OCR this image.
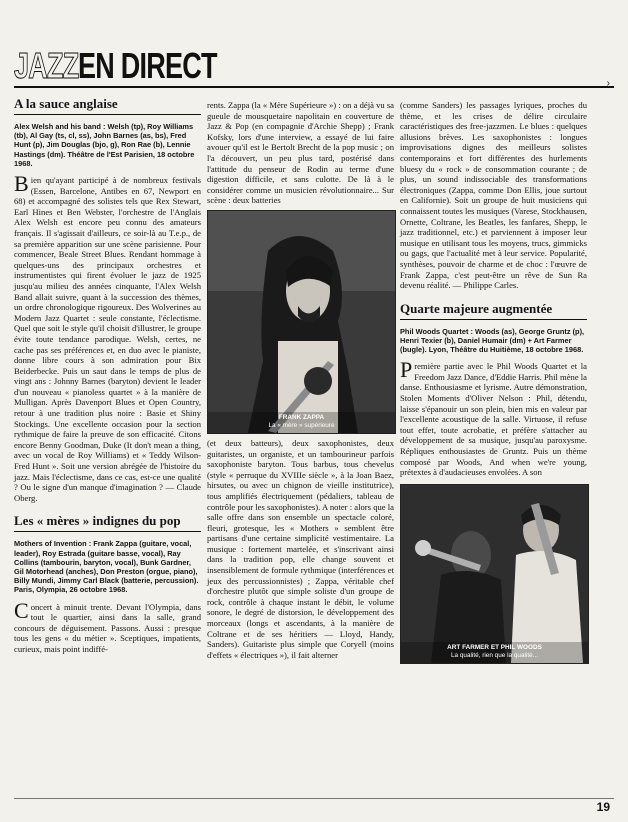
JAZZ EN DIRECT	›
A la sauce anglaise

Alex Welsh and his band : Welsh (tp), Roy Williams (tb), Al Gay (ts, cl, ss), John Barnes (as, bs), Fred Hunt (p), Jim Douglas (bjo, g), Ron Rae (b), Lennie Hastings (dm). Théâtre de l'Est Parisien, 18 octobre 1968.

Bien qu'ayant participé à de nombreux festivals (Essen, Barcelone, Antibes en 67, Newport en 68) et accompagné des solistes tels que Rex Stewart, Earl Hines et Ben Webster, l'orchestre de l'Anglais Alex Welsh est encore peu connu des amateurs français. Il s'agissait d'ailleurs, ce soir-là au T.e.p., de sa première apparition sur une scène parisienne. Pour commencer, Beale Street Blues. Rendant hommage à quelques-uns des principaux orchestres et instrumentistes qui firent évoluer le jazz de 1925 jusqu'au milieu des années cinquante, l'Alex Welsh Band allait suivre, quant à la succession des thèmes, un ordre chronologique rigoureux. Des Wolverines au Modern Jazz Quartet : seule constante, l'éclectisme. Quel que soit le style qu'il choisit d'illustrer, le groupe évite toute tendance parodique. Welsh, certes, ne cache pas ses préférences et, en duo avec le pianiste, donne libre cours à son admiration pour Bix Beiderbecke. Puis un saut dans le temps de plus de vingt ans : Johnny Barnes (baryton) devient le leader d'un nouveau « pianoless quartet » à la manière de Mulligan. Après Davenport Blues et Open Country, retour à une tradition plus noire : Basie et Shiny Stockings. Une excellente occasion pour la section rythmique de faire la preuve de son efficacité. Citons encore Benny Goodman, Duke (It don't mean a thing, avec un vocal de Roy Williams) et « Teddy Wilson-Fred Hunt ». Soit une version abrégée de l'histoire du jazz. Mais l'éclectisme, dans ce cas, est-ce une qualité ? Ou le signe d'un manque d'imagination ? — Claude Oberg.

Les « mères » indignes du pop

Mothers of Invention : Frank Zappa (guitare, vocal, leader), Roy Estrada (guitare basse, vocal), Ray Collins (tambourin, baryton, vocal), Bunk Gardner, Gil Motorhead (anches), Don Preston (orgue, piano), Billy Mundi, Jimmy Carl Black (batterie, percussion). Paris, Olympia, 26 octobre 1968.

Concert à minuit trente. Devant l'Olympia, dans tout le quartier, ainsi dans la salle, grand concours de déguisement. Passons. Aussi : presque tous les gens « du métier ». Sceptiques, impatients, curieux, mais point indiffé-

rents. Zappa (la « Mère Supérieure ») : on a déjà vu sa gueule de mousquetaire napolitain en couverture de Jazz & Pop (en compagnie d'Archie Shepp) ; Frank Kofsky, lors d'une interview, a essayé de lui faire avouer qu'il est le Bertolt Brecht de la pop music ; on l'a découvert, un peu plus tard, postérisé dans l'attitude du penseur de Rodin au terme d'une digestion difficile, et sans culotte. De là à le considérer comme un musicien révolutionnaire... Sur scène : deux batteries

FRANK ZAPPA
La « mère » supérieure

(et deux batteurs), deux saxophonistes, deux guitaristes, un organiste, et un tambourineur parfois saxophoniste baryton. Tous barbus, tous chevelus (style « perruque du XVIIIe siècle », à la Joan Baez, hirsutes, ou avec un chignon de vieille institutrice), tous amplifiés électriquement (pédaliers, tableau de contrôle pour les saxophonistes). A noter : alors que la salle offre dans son ensemble un spectacle coloré, fleuri, grotesque, les « Mothers » semblent être partisans d'une certaine simplicité vestimentaire. La musique : fortement martelée, et s'inscrivant ainsi dans la tradition pop, elle change souvent et insensiblement de formule rythmique (interférences et jeux des percussionnistes) ; Zappa, véritable chef d'orchestre plutôt que simple soliste d'un groupe de rock, contrôle à chaque instant le débit, le volume sonore, le degré de distorsion, le développement des morceaux (longs et ascendants, à la manière de Coltrane et de ses héritiers — Lloyd, Handy, Sanders). Guitariste plus simple que Coryell (moins d'effets « électriques »), il fait alterner

(comme Sanders) les passages lyriques, proches du thème, et les crises de délire circulaire caractéristiques des free-jazzmen. Le blues : quelques allusions brèves. Les saxophonistes : longues improvisations dignes des meilleurs solistes contemporains et fort différentes des hurlements bluesy du « rock » de consommation courante ; de plus, un sound indissociable des transformations électroniques (Zappa, comme Don Ellis, joue surtout en Californie). Soit un groupe de huit musiciens qui connaissent toutes les musiques (Varese, Stockhausen, Ornette, Coltrane, les Beatles, les fanfares, Shepp, le jazz traditionnel, etc.) et parviennent à imposer leur musique en utilisant tous les moyens, trucs, gimmicks ou gags, que l'actualité met à leur service. Popularité, synthèses, pouvoir de charme et de choc : l'œuvre de Frank Zappa, c'est peut-être un rêve de Sun Ra devenu réalité. — Philippe Carles.

Quarte majeure augmentée

Phil Woods Quartet : Woods (as), George Gruntz (p), Henri Texier (b), Daniel Humair (dm) + Art Farmer (bugle). Lyon, Théâtre du Huitième, 18 octobre 1968.

Première partie avec le Phil Woods Quartet et la Freedom Jazz Dance, d'Eddie Harris. Phil mène la danse. Enthousiasme et lyrisme. Autre démonstration, Stolen Moments d'Oliver Nelson : Phil, détendu, laisse s'épanouir un son plein, bien mis en valeur par l'excellente acoustique de la salle. Virtuose, il refuse tout effet, toute acrobatie, et préfère s'attacher au développement de sa musique, jusqu'au paroxysme. Répliques enthousiastes de Gruntz. Puis un thème composé par Woods, And when we're young, prétextes à d'audacieuses envolées. A son

ART FARMER ET PHIL WOODS
La qualité, rien que la qualité...
19
